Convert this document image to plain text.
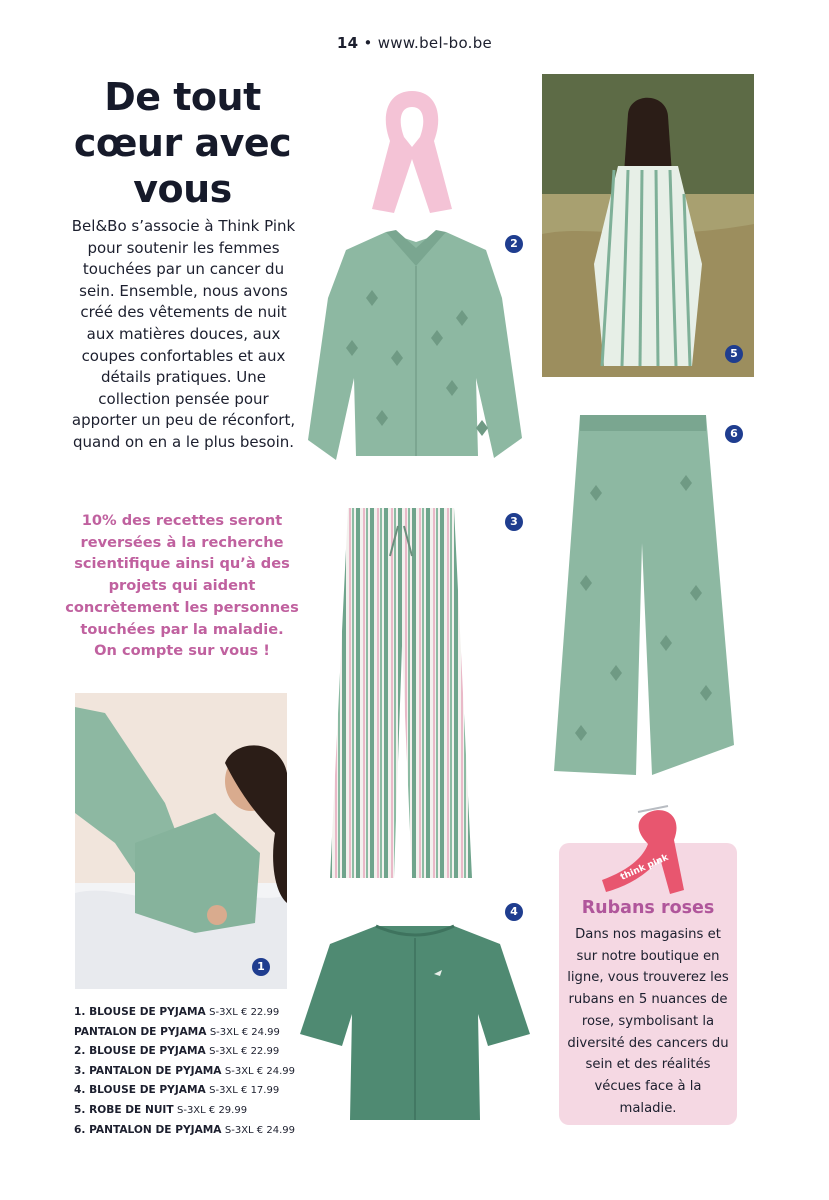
14 • www.bel-bo.be
De tout
cœur avec
vous
Bel&Bo s’associe à Think Pink pour soutenir les femmes touchées par un cancer du sein. Ensemble, nous avons créé des vêtements de nuit aux matières douces, aux coupes confortables et aux détails pratiques. Une collection pensée pour apporter un peu de réconfort, quand on en a le plus besoin.
10% des recettes seront reversées à la recherche scientifique ainsi qu’à des projets qui aident concrètement les personnes touchées par la maladie.
On compte sur vous !
1
2
5
6
3
4
1. BLOUSE DE PYJAMA S-3XL € 22.99
PANTALON DE PYJAMA S-3XL € 24.99
2. BLOUSE DE PYJAMA S-3XL € 22.99
3. PANTALON DE PYJAMA S-3XL € 24.99
4. BLOUSE DE PYJAMA S-3XL € 17.99
5. ROBE DE NUIT S-3XL € 29.99
6. PANTALON DE PYJAMA S-3XL € 24.99
think pink
Rubans roses
Dans nos magasins et sur notre boutique en ligne, vous trouverez les rubans en 5 nuances de rose, symbolisant la diversité des cancers du sein et des réalités vécues face à la maladie.
